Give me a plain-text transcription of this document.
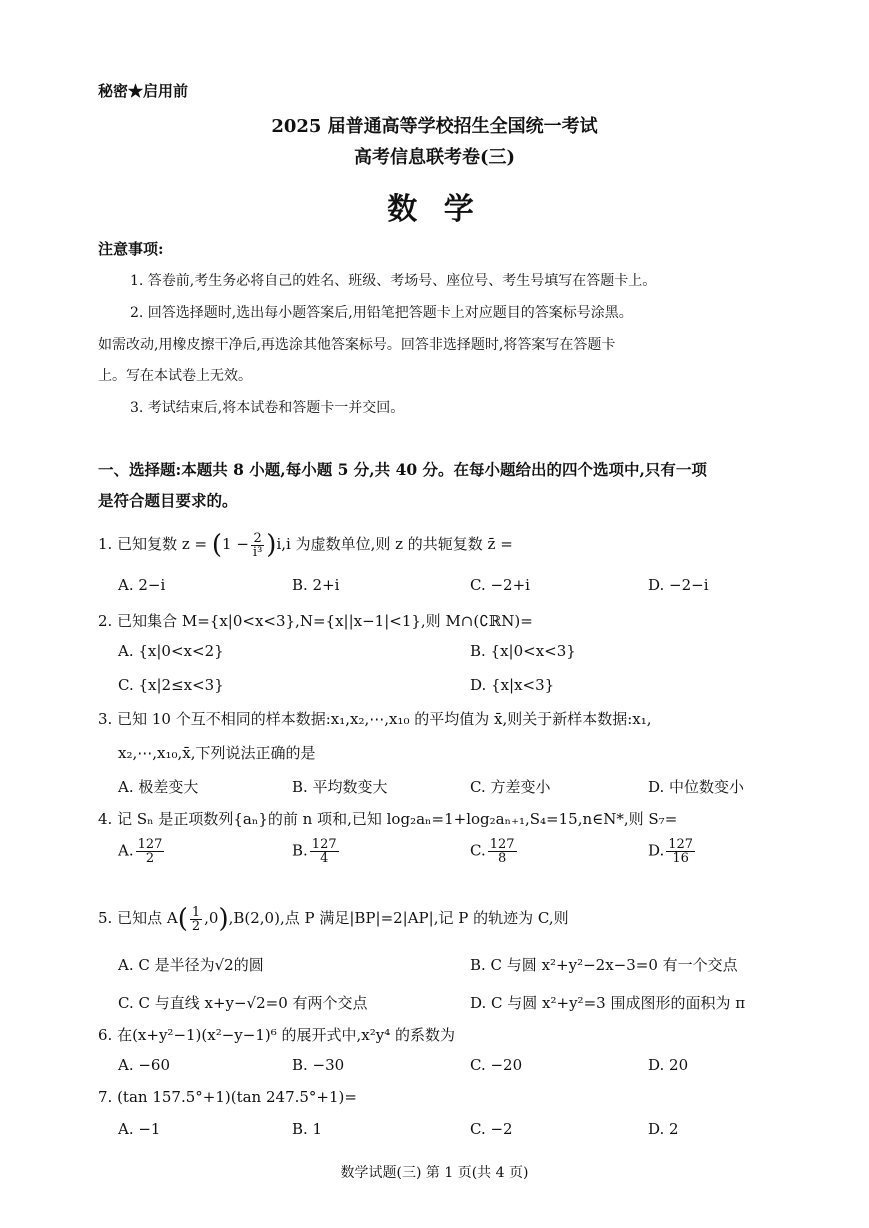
秘密★启用前
2025 届普通高等学校招生全国统一考试
高考信息联考卷(三)
数 学
注意事项:
1. 答卷前,考生务必将自己的姓名、班级、考场号、座位号、考生号填写在答题卡上。
2. 回答选择题时,选出每小题答案后,用铅笔把答题卡上对应题目的答案标号涂黑。
如需改动,用橡皮擦干净后,再选涂其他答案标号。回答非选择题时,将答案写在答题卡
上。写在本试卷上无效。
3. 考试结束后,将本试卷和答题卡一并交回。
一、选择题:本题共 8 小题,每小题 5 分,共 40 分。在每小题给出的四个选项中,只有一项
是符合题目要求的。
1. 已知复数 $z = (1 - \frac{2}{\text{i³}} )i,i$ 为虚数单位,则 z 的共轭复数 z̄ =
A. 2−i	B. 2+i	C. −2+i	D. −2−i
2. 已知集合 M={x|0<x<3},N={x||x−1|<1},则 M∩(∁ℝN)=
A. {x|0<x<2}	B. {x|0<x<3}
C. {x|2≤x<3}	D. {x|x<3}
3. 已知 10 个互不相同的样本数据:x₁,x₂,⋯,x₁₀ 的平均值为 x̄,则关于新样本数据:x₁,
x₂,⋯,x₁₀,x̄,下列说法正确的是
A. 极差变大	B. 平均数变大	C. 方差变小	D. 中位数变小
4. 记 Sₙ 是正项数列{aₙ}的前 n 项和,已知 log₂aₙ=1+log₂aₙ₊₁,S₄=15,n∈N*,则 S₇=
A. $\frac{127}{2}$	B. $\frac{127}{4}$	C. $\frac{127}{8}$	D. $\frac{127}{16}$
5. 已知点 $A( \frac{1}{2} ,0),B(2,0)$,点 P 满足|BP|=2|AP|,记 P 的轨迹为 C,则
A. C 是半径为√2的圆	B. C 与圆 x²+y²−2x−3=0 有一个交点
C. C 与直线 x+y−√2=0 有两个交点	D. C 与圆 x²+y²=3 围成图形的面积为 π
6. 在(x+y²−1)(x²−y−1)⁶ 的展开式中,x²y⁴ 的系数为
A. −60	B. −30	C. −20	D. 20
7. (tan 157.5°+1)(tan 247.5°+1)=
A. −1	B. 1	C. −2	D. 2
数学试题(三) 第 1 页(共 4 页)
